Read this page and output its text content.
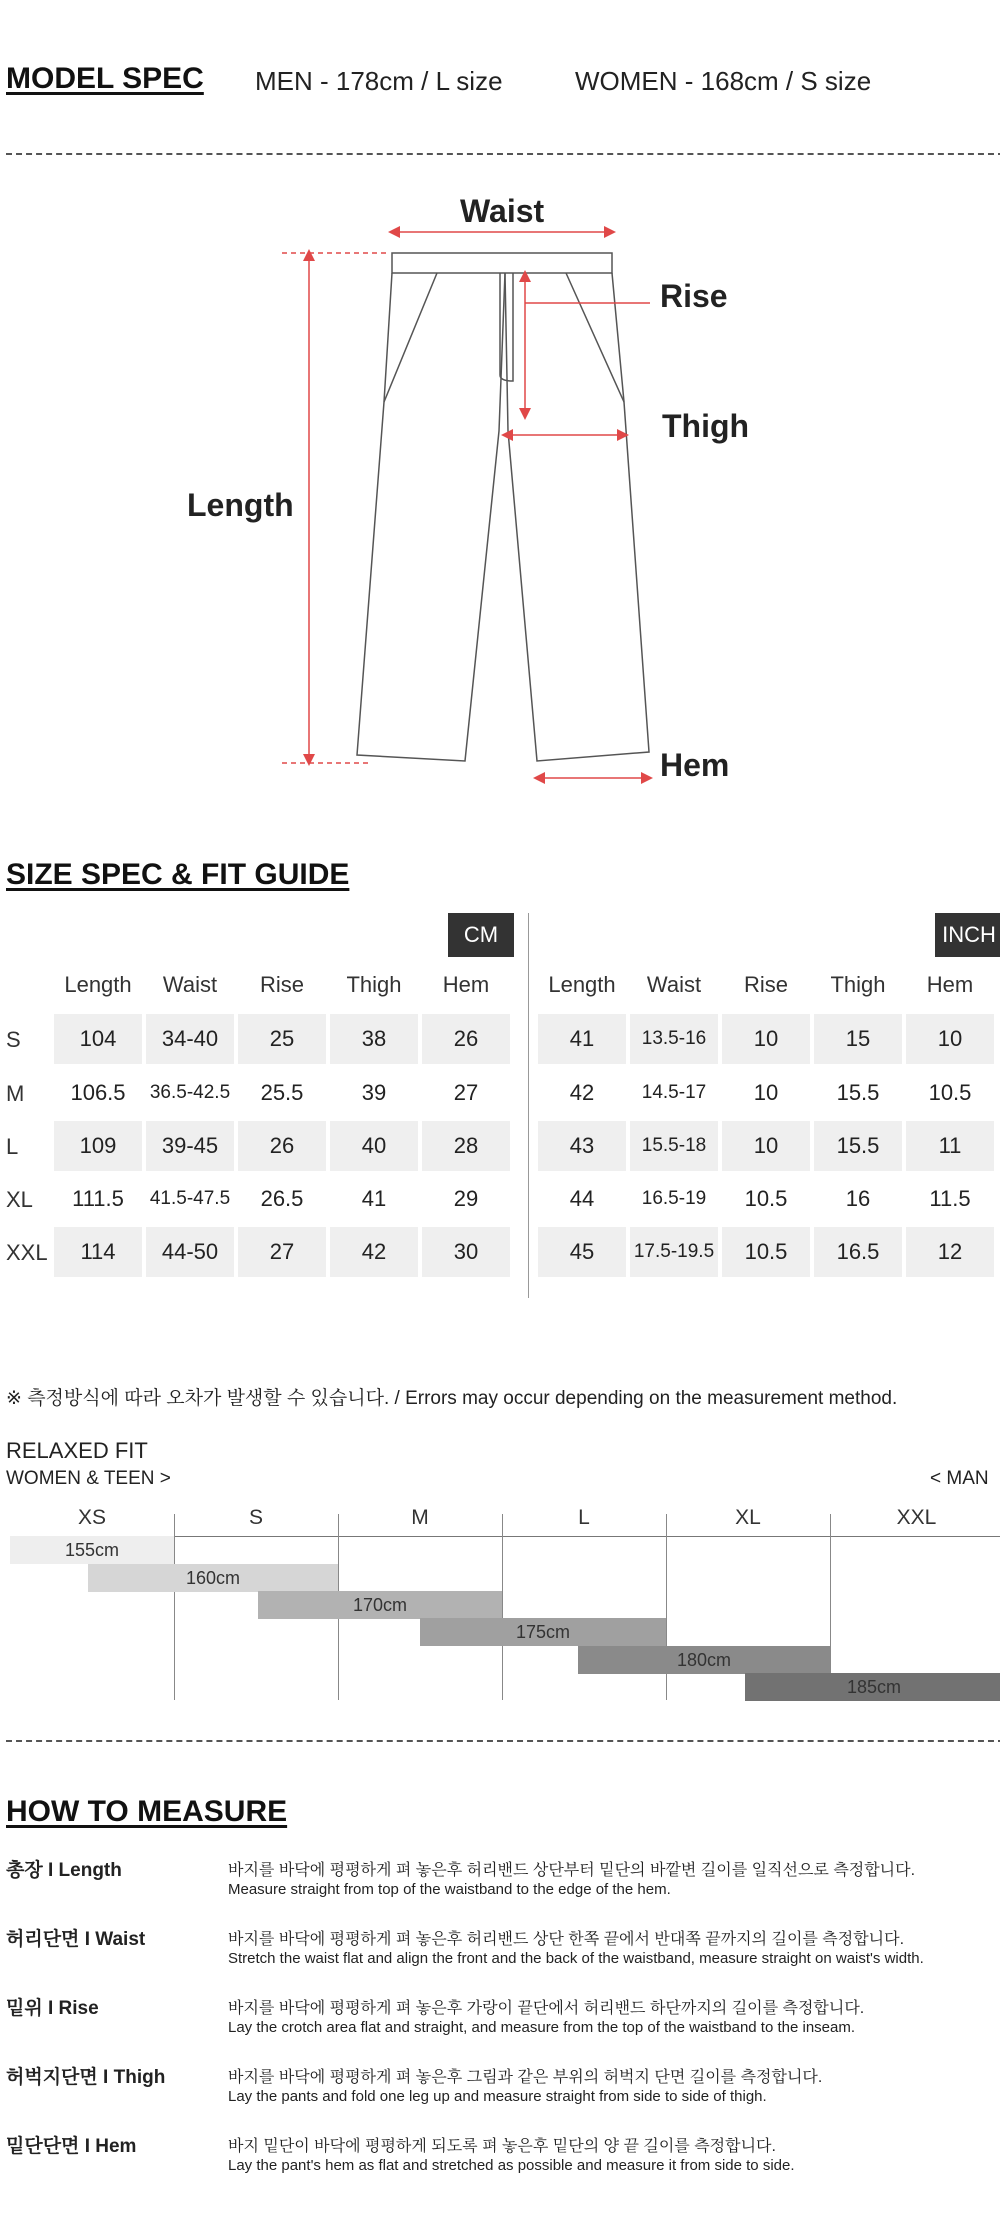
MODEL SPEC MEN - 178cm / L size	WOMEN - 168cm / S size
Waist
Rise
Thigh
Length
Hem
SIZE SPEC & FIT GUIDE
CM	INCH
Length	Waist	Rise	Thigh	Hem	Length	Waist	Rise	Thigh	Hem
S	104	34-40	25	38	26	41	13.5-16	10	15	10
M	106.5	36.5-42.5	25.5	39	27	42	14.5-17	10	15.5	10.5
L	109	39-45	26	40	28	43	15.5-18	10	15.5	11
XL	111.5	41.5-47.5	26.5	41	29	44	16.5-19	10.5	16	11.5
XXL	114	44-50	27	42	30	45	17.5-19.5	10.5	16.5	12
※ 측정방식에 따라 오차가 발생할 수 있습니다. / Errors may occur depending on the measurement method.
RELAXED FIT
WOMEN & TEEN >	< MAN
XS	S	M	L	XL	XXL
155cm
160cm
170cm
175cm
180cm
185cm
HOW TO MEASURE
총장 I Length	바지를 바닥에 평평하게 펴 놓은후 허리밴드 상단부터 밑단의 바깥변 길이를 일직선으로 측정합니다.
Measure straight from top of the waistband to the edge of the hem.
허리단면 I Waist	바지를 바닥에 평평하게 펴 놓은후 허리밴드 상단 한쪽 끝에서 반대쪽 끝까지의 길이를 측정합니다.
Stretch the waist flat and align the front and the back of the waistband, measure straight on waist's width.
밑위 I Rise	바지를 바닥에 평평하게 펴 놓은후 가랑이 끝단에서 허리밴드 하단까지의 길이를 측정합니다.
Lay the crotch area flat and straight, and measure from the top of the waistband to the inseam.
허벅지단면 I Thigh	바지를 바닥에 평평하게 펴 놓은후 그림과 같은 부위의 허벅지 단면 길이를 측정합니다.
Lay the pants and fold one leg up and measure straight from side to side of thigh.
밑단단면 I Hem	바지 밑단이 바닥에 평평하게 되도록 펴 놓은후 밑단의 양 끝 길이를 측정합니다.
Lay the pant's hem as flat and stretched as possible and measure it from side to side.
